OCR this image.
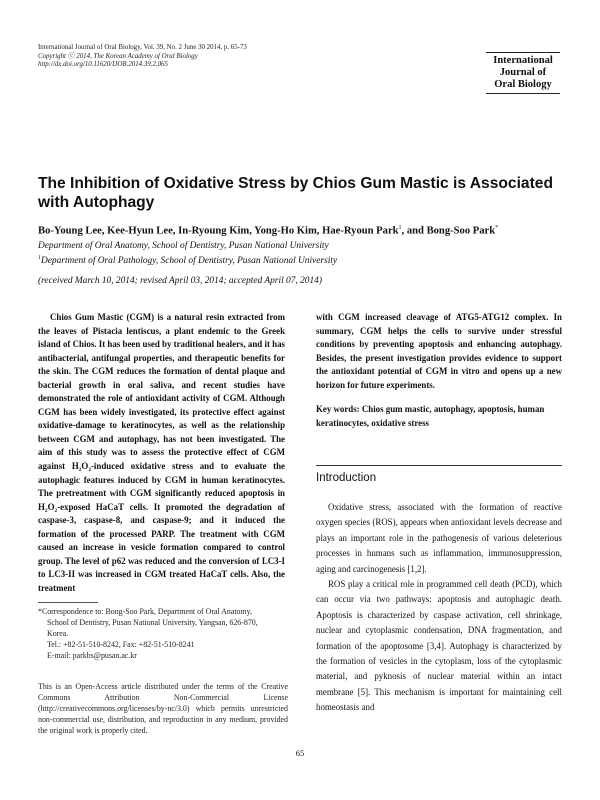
International Journal of Oral Biology, Vol. 39, No. 2 June 30 2014, p. 65-73
Copyright ⓒ 2014, The Korean Academy of Oral Biology
http://dx.doi.org/10.11620/IJOB.2014.39.2.065	International
Journal of
Oral Biology
The Inhibition of Oxidative Stress by Chios Gum Mastic is Associated with Autophagy
Bo-Young Lee, Kee-Hyun Lee, In-Ryoung Kim, Yong-Ho Kim, Hae-Ryoun Park$^1$, and Bong-Soo Park*
Department of Oral Anatomy, School of Dentistry, Pusan National University
$^1$Department of Oral Pathology, School of Dentistry, Pusan National University
(received March 10, 2014; revised April 03, 2014; accepted April 07, 2014)

Chios Gum Mastic (CGM) is a natural resin extracted from the leaves of Pistacia lentiscus, a plant endemic to the Greek island of Chios. It has been used by traditional healers, and it has antibacterial, antifungal properties, and therapeutic benefits for the skin. The CGM reduces the formation of dental plaque and bacterial growth in oral saliva, and recent studies have demonstrated the role of antioxidant activity of CGM. Although CGM has been widely investigated, its protective effect against oxidative-damage to keratinocytes, as well as the relationship between CGM and autophagy, has not been investigated. The aim of this study was to assess the protective effect of CGM against H₂O₂-induced oxidative stress and to evaluate the autophagic features induced by CGM in human keratinocytes. The pretreatment with CGM significantly reduced apoptosis in H₂O₂-exposed HaCaT cells. It promoted the degradation of caspase-3, caspase-8, and caspase-9; and it induced the formation of the processed PARP. The treatment with CGM caused an increase in vesicle formation compared to control group. The level of p62 was reduced and the conversion of LC3-I to LC3-II was increased in CGM treated HaCaT cells. Also, the treatment

with CGM increased cleavage of ATG5-ATG12 complex. In summary, CGM helps the cells to survive under stressful conditions by preventing apoptosis and enhancing autophagy. Besides, the present investigation provides evidence to support the antioxidant potential of CGM in vitro and opens up a new horizon for future experiments.

Key words: Chios gum mastic, autophagy, apoptosis, human keratinocytes, oxidative stress
*Correspondence to: Bong-Soo Park, Department of Oral Anatomy,
School of Dentistry, Pusan National University, Yangsan, 626-870,
Korea.
Tel.: +82-51-510-8242, Fax: +82-51-510-8241
E-mail: parkbs@pusan.ac.kr
This is an Open-Access article distributed under the terms of the Creative Commons Attribution Non-Commercial License (http://creativecommons.org/licenses/by-nc/3.0) which permits unrestricted non-commercial use, distribution, and reproduction in any medium, provided the original work is properly cited.
Introduction

Oxidative stress, associated with the formation of reactive oxygen species (ROS), appears when antioxidant levels decrease and plays an important role in the pathogenesis of various deleterious processes in humans such as inflammation, immunosuppression, aging and carcinogenesis [1,2].

ROS play a critical role in programmed cell death (PCD), which can occur via two pathways: apoptosis and autophagic death. Apoptosis is characterized by caspase activation, cell shrinkage, nuclear and cytoplasmic condensation, DNA fragmentation, and formation of the apoptosome [3,4]. Autophagy is characterized by the formation of vesicles in the cytoplasm, loss of the cytoplasmic material, and pyknosis of nuclear material within an intact membrane [5]. This mechanism is important for maintaining cell homeostasis and

65
